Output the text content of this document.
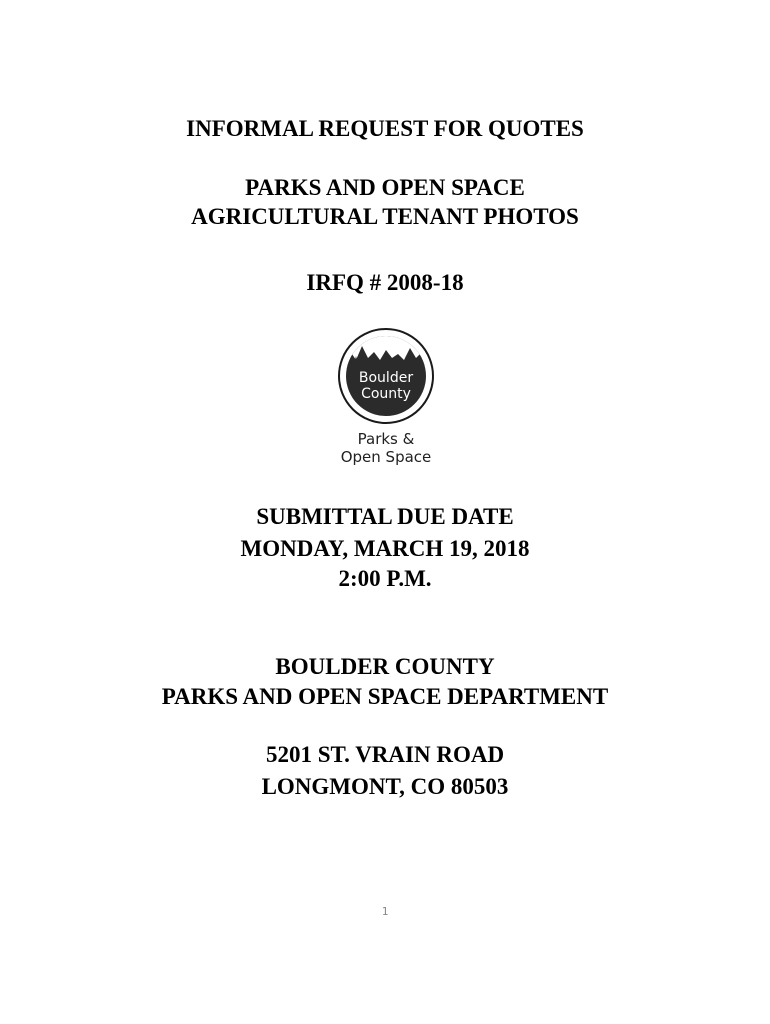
INFORMAL REQUEST FOR QUOTES

PARKS AND OPEN SPACE

AGRICULTURAL TENANT PHOTOS

IRFQ # 2008-18

Boulder
County
Parks &
Open Space

SUBMITTAL DUE DATE

MONDAY, MARCH 19, 2018

2:00 P.M.

BOULDER COUNTY

PARKS AND OPEN SPACE DEPARTMENT

5201 ST. VRAIN ROAD

LONGMONT, CO 80503

1
